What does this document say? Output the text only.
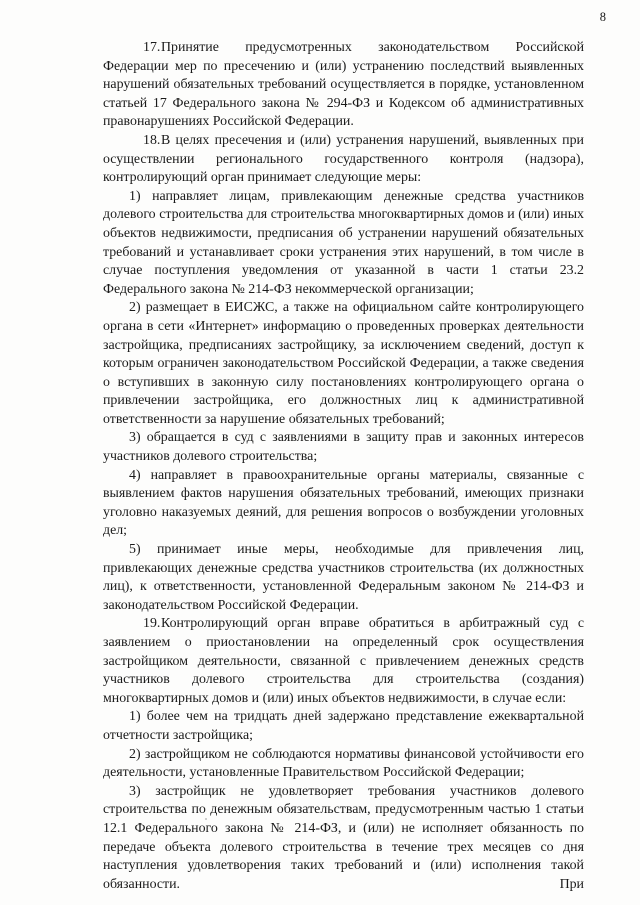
8

17.Принятие предусмотренных законодательством Российской Федерации мер по пресечению и (или) устранению последствий выявленных нарушений обязательных требований осуществляется в порядке, установленном статьей 17 Федерального закона № 294-ФЗ и Кодексом об административных правонарушениях Российской Федерации.

18.В целях пресечения и (или) устранения нарушений, выявленных при осуществлении регионального государственного контроля (надзора), контролирующий орган принимает следующие меры:

1) направляет лицам, привлекающим денежные средства участников долевого строительства для строительства многоквартирных домов и (или) иных объектов недвижимости, предписания об устранении нарушений обязательных требований и устанавливает сроки устранения этих нарушений, в том числе в случае поступления уведомления от указанной в части 1 статьи 23.2 Федерального закона № 214-ФЗ некоммерческой организации;

2) размещает в ЕИСЖС, а также на официальном сайте контролирующего органа в сети «Интернет» информацию о проведенных проверках деятельности застройщика, предписаниях застройщику, за исключением сведений, доступ к которым ограничен законодательством Российской Федерации, а также сведения о вступивших в законную силу постановлениях контролирующего органа о привлечении застройщика, его должностных лиц к административной ответственности за нарушение обязательных требований;

3) обращается в суд с заявлениями в защиту прав и законных интересов участников долевого строительства;

4) направляет в правоохранительные органы материалы, связанные с выявлением фактов нарушения обязательных требований, имеющих признаки уголовно наказуемых деяний, для решения вопросов о возбуждении уголовных дел;

5) принимает иные меры, необходимые для привлечения лиц, привлекающих денежные средства участников строительства (их должностных лиц), к ответственности, установленной Федеральным законом № 214-ФЗ и законодательством Российской Федерации.

19.Контролирующий орган вправе обратиться в арбитражный суд с заявлением о приостановлении на определенный срок осуществления застройщиком деятельности, связанной с привлечением денежных средств участников долевого строительства для строительства (создания) многоквартирных домов и (или) иных объектов недвижимости, в случае если:

1) более чем на тридцать дней задержано представление ежеквартальной отчетности застройщика;

2) застройщиком не соблюдаются нормативы финансовой устойчивости его деятельности, установленные Правительством Российской Федерации;

3) застройщик не удовлетворяет требования участников долевого строительства по денежным обязательствам, предусмотренным частью 1 статьи 12.1 Федерального закона № 214-ФЗ, и (или) не исполняет обязанность по передаче объекта долевого строительства в течение трех месяцев со дня наступления удовлетворения таких требований и (или) исполнения такой обязанности. При
